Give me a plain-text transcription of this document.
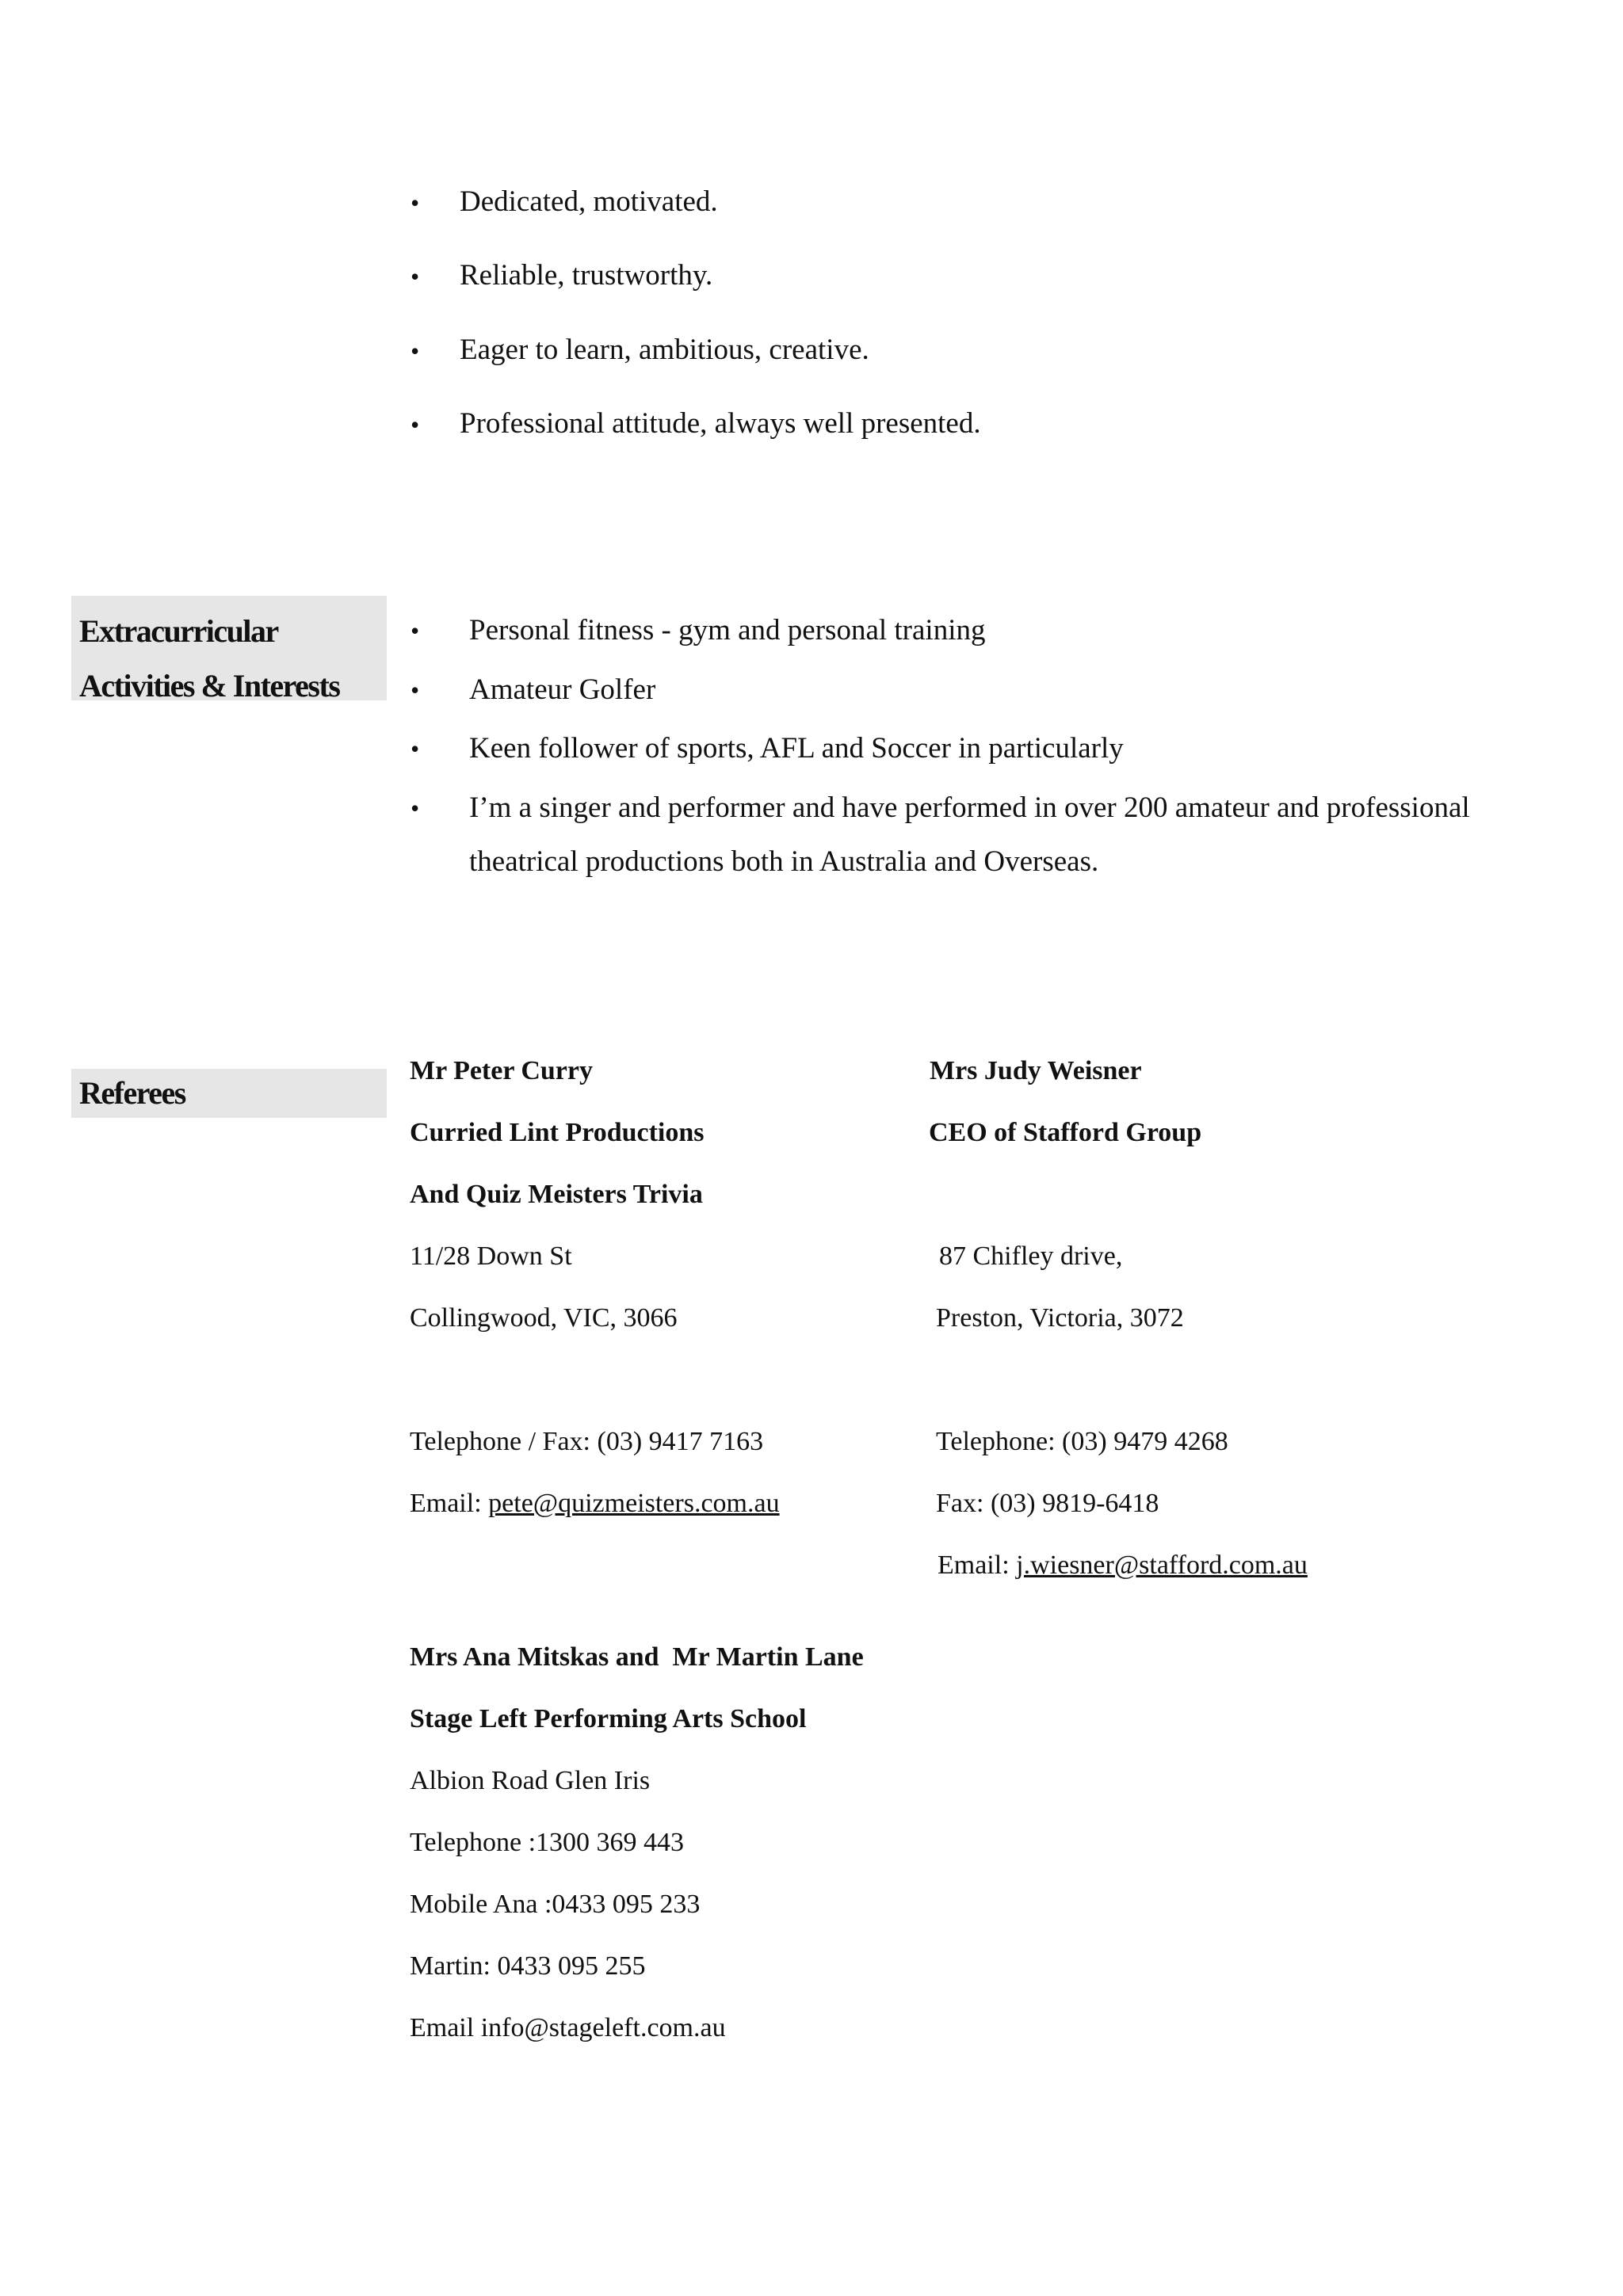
• Dedicated, motivated.
• Reliable, trustworthy.
• Eager to learn, ambitious, creative.
• Professional attitude, always well presented.
Extracurricular
Activities & Interests
• Personal fitness - gym and personal training
• Amateur Golfer
• Keen follower of sports, AFL and Soccer in particularly
• I’m a singer and performer and have performed in over 200 amateur and professional
theatrical productions both in Australia and Overseas.
Referees
Mr Peter Curry
Curried Lint Productions
And Quiz Meisters Trivia
11/28 Down St
Collingwood, VIC, 3066
Telephone / Fax: (03) 9417 7163
Email: pete@quizmeisters.com.au
Mrs Judy Weisner
CEO of Stafford Group
87 Chifley drive,
Preston, Victoria, 3072
Telephone: (03) 9479 4268
Fax: (03) 9819-6418
Email: j.wiesner@stafford.com.au
Mrs Ana Mitskas and  Mr Martin Lane
Stage Left Performing Arts School
Albion Road Glen Iris
Telephone :1300 369 443
Mobile Ana :0433 095 233
Martin: 0433 095 255
Email info@stageleft.com.au
